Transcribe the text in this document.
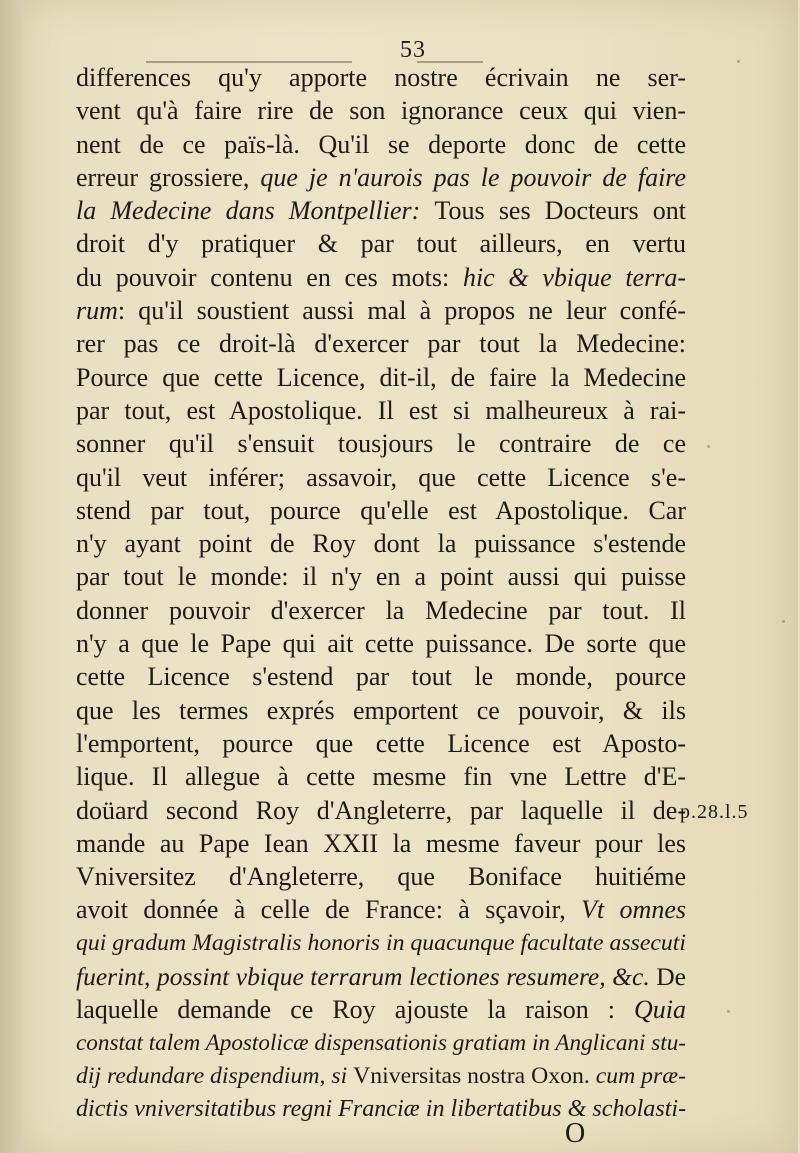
53
differences qu'y apporte nostre écrivain ne ser-
vent qu'à faire rire de son ignorance ceux qui vien-
nent de ce païs-là. Qu'il se deporte donc de cette
erreur grossiere, que je n'aurois pas le pouvoir de faire
la Medecine dans Montpellier: Tous ses Docteurs ont
droit d'y pratiquer & par tout ailleurs, en vertu
du pouvoir contenu en ces mots: hic & vbique terra-
rum: qu'il soustient aussi mal à propos ne leur confé-
rer pas ce droit-là d'exercer par tout la Medecine:
Pource que cette Licence, dit-il, de faire la Medecine
par tout, est Apostolique. Il est si malheureux à rai-
sonner qu'il s'ensuit tousjours le contraire de ce
qu'il veut inférer; assavoir, que cette Licence s'e-
stend par tout, pource qu'elle est Apostolique. Car
n'y ayant point de Roy dont la puissance s'estende
par tout le monde: il n'y en a point aussi qui puisse
donner pouvoir d'exercer la Medecine par tout. Il
n'y a que le Pape qui ait cette puissance. De sorte que
cette Licence s'estend par tout le monde, pource
que les termes exprés emportent ce pouvoir, & ils
l'emportent, pource que cette Licence est Aposto-
lique. Il allegue à cette mesme fin vne Lettre d'E-
doüard second Roy d'Angleterre, par laquelle il de-
mande au Pape Iean XXII la mesme faveur pour les
Vniversitez d'Angleterre, que Boniface huitiéme
avoit donnée à celle de France: à sçavoir, Vt omnes
qui gradum Magistralis honoris in quacunque facultate assecuti
fuerint, possint vbique terrarum lectiones resumere, &c. De
laquelle demande ce Roy ajouste la raison : Quia
constat talem Apostolicæ dispensationis gratiam in Anglicani stu-
dij redundare dispendium, si Vniversitas nostra Oxon. cum præ-
dictis vniversitatibus regni Franciæ in libertatibus & scholasti-
p.28.l.5
O
